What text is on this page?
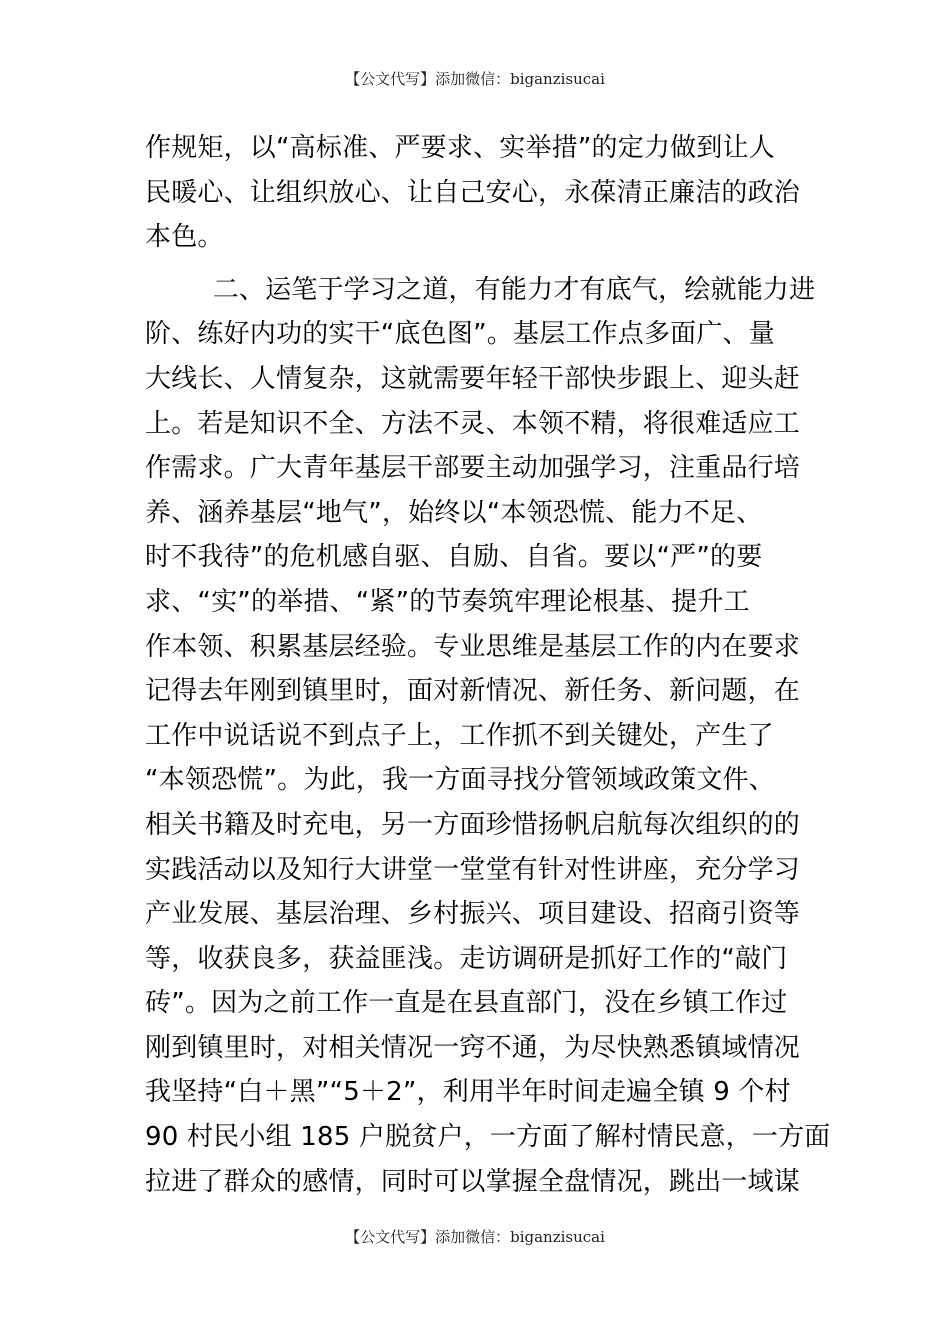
【公文代写】添加微信：biganzisucai
作规矩，以“高标准、严要求、实举措”的定力做到让人
民暖心、让组织放心、让自己安心，永葆清正廉洁的政治
本色。
二、运笔于学习之道，有能力才有底气，绘就能力进
阶、练好内功的实干“底色图”。基层工作点多面广、量
大线长、人情复杂，这就需要年轻干部快步跟上、迎头赶
上。若是知识不全、方法不灵、本领不精，将很难适应工
作需求。广大青年基层干部要主动加强学习，注重品行培
养、涵养基层“地气”，始终以“本领恐慌、能力不足、
时不我待”的危机感自驱、自励、自省。要以“严”的要
求、“实”的举措、“紧”的节奏筑牢理论根基、提升工
作本领、积累基层经验。专业思维是基层工作的内在要求
记得去年刚到镇里时，面对新情况、新任务、新问题，在
工作中说话说不到点子上，工作抓不到关键处，产生了
“本领恐慌”。为此，我一方面寻找分管领域政策文件、
相关书籍及时充电，另一方面珍惜扬帆启航每次组织的的
实践活动以及知行大讲堂一堂堂有针对性讲座，充分学习
产业发展、基层治理、乡村振兴、项目建设、招商引资等
等，收获良多，获益匪浅。走访调研是抓好工作的“敲门
砖”。因为之前工作一直是在县直部门，没在乡镇工作过
刚到镇里时，对相关情况一窍不通，为尽快熟悉镇域情况
我坚持“白＋黑”“5＋2”，利用半年时间走遍全镇 9 个村
90 村民小组 185 户脱贫户，一方面了解村情民意，一方面
拉进了群众的感情，同时可以掌握全盘情况，跳出一域谋
【公文代写】添加微信：biganzisucai
